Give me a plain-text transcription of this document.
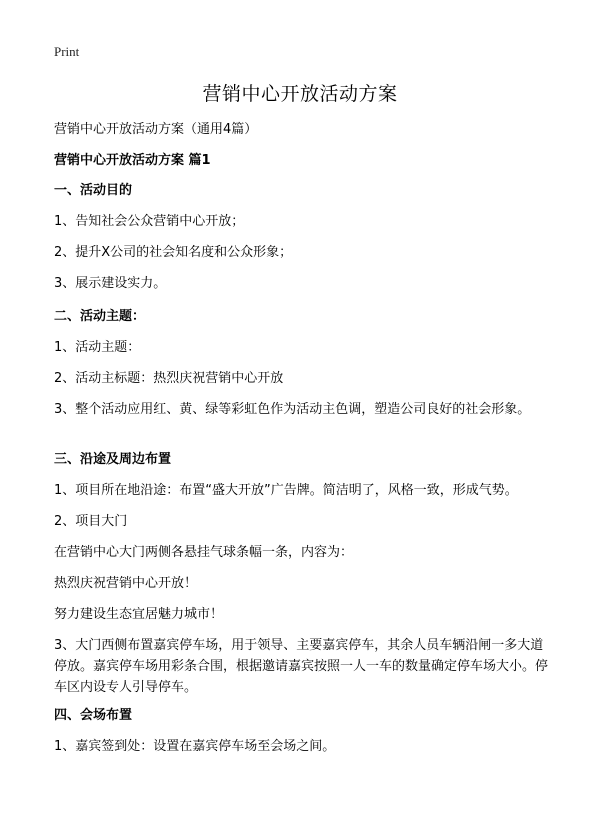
Print
营销中心开放活动方案
营销中心开放活动方案（通用4篇）
营销中心开放活动方案 篇1
一、活动目的
1、告知社会公众营销中心开放；
2、提升X公司的社会知名度和公众形象；
3、展示建设实力。
二、活动主题：
1、活动主题：
2、活动主标题：热烈庆祝营销中心开放
3、整个活动应用红、黄、绿等彩虹色作为活动主色调，塑造公司良好的社会形象。
三、沿途及周边布置
1、项目所在地沿途：布置“盛大开放”广告牌。简洁明了，风格一致，形成气势。
2、项目大门
在营销中心大门两侧各悬挂气球条幅一条，内容为：
热烈庆祝营销中心开放！
努力建设生态宜居魅力城市！
3、大门西侧布置嘉宾停车场，用于领导、主要嘉宾停车，其余人员车辆沿闸一多大道停放。嘉宾停车场用彩条合围，根据邀请嘉宾按照一人一车的数量确定停车场大小。停车区内设专人引导停车。
四、会场布置
1、嘉宾签到处：设置在嘉宾停车场至会场之间。
